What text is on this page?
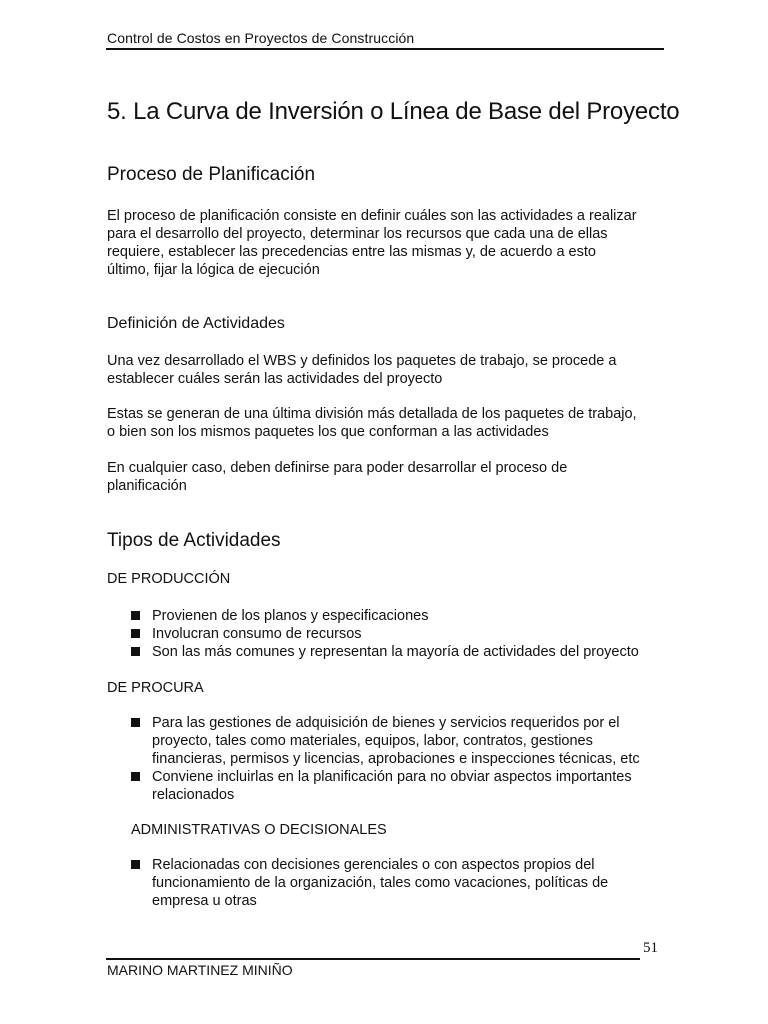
Control de Costos en Proyectos de Construcción
5. La Curva de Inversión o Línea de Base del Proyecto
Proceso de Planificación

El proceso de planificación consiste en definir cuáles son las actividades a realizar
para el desarrollo del proyecto, determinar los recursos que cada una de ellas
requiere, establecer las precedencias entre las mismas y, de acuerdo a esto
último, fijar la lógica de ejecución

Definición de Actividades

Una vez desarrollado el WBS y definidos los paquetes de trabajo, se procede a
establecer cuáles serán las actividades del proyecto

Estas se generan de una última división más detallada de los paquetes de trabajo,
o bien son los mismos paquetes los que conforman a las actividades

En cualquier caso, deben definirse para poder desarrollar el proceso de
planificación

Tipos de Actividades

DE PRODUCCIÓN

Provienen de los planos y especificaciones
Involucran consumo de recursos
Son las más comunes y representan la mayoría de actividades del proyecto

DE PROCURA

Para las gestiones de adquisición de bienes y servicios requeridos por el
proyecto, tales como materiales, equipos, labor, contratos, gestiones
financieras, permisos y licencias, aprobaciones e inspecciones técnicas, etc
Conviene incluirlas en la planificación para no obviar aspectos importantes
relacionados

ADMINISTRATIVAS O DECISIONALES

Relacionadas con decisiones gerenciales o con aspectos propios del
funcionamiento de la organización, tales como vacaciones, políticas de
empresa u otras
51
MARINO MARTINEZ MINIÑO
